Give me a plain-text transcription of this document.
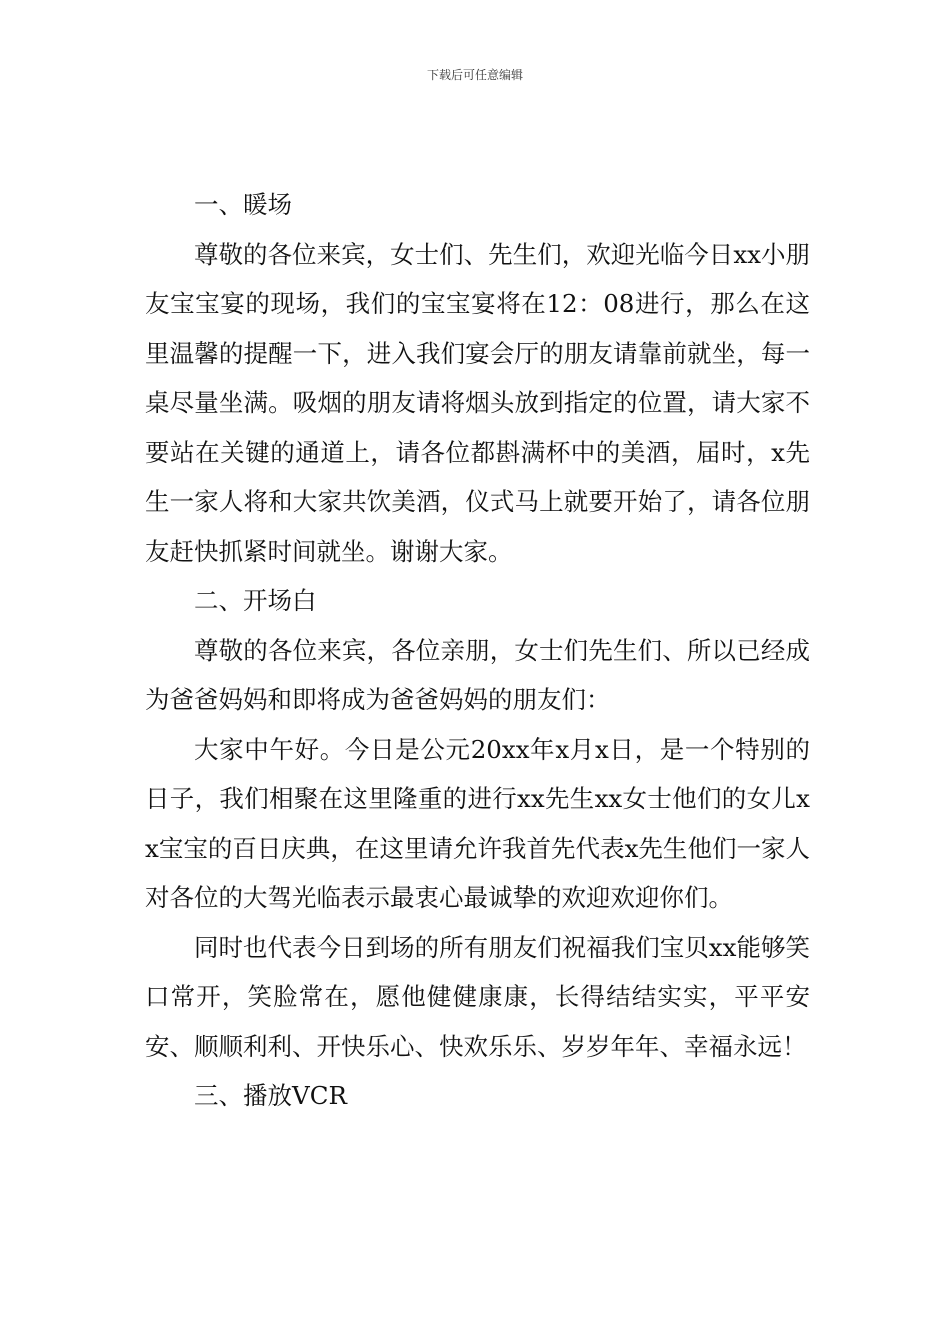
下载后可任意编辑

一、暖场

尊敬的各位来宾，女士们、先生们，欢迎光临今日xx小朋友宝宝宴的现场，我们的宝宝宴将在12：08进行，那么在这里温馨的提醒一下，进入我们宴会厅的朋友请靠前就坐，每一桌尽量坐满。吸烟的朋友请将烟头放到指定的位置，请大家不要站在关键的通道上，请各位都斟满杯中的美酒，届时，x先生一家人将和大家共饮美酒，仪式马上就要开始了，请各位朋友赶快抓紧时间就坐。谢谢大家。

二、开场白

尊敬的各位来宾，各位亲朋，女士们先生们、所以已经成为爸爸妈妈和即将成为爸爸妈妈的朋友们：

大家中午好。今日是公元20xx年x月x日，是一个特别的日子，我们相聚在这里隆重的进行xx先生xx女士他们的女儿xx宝宝的百日庆典，在这里请允许我首先代表x先生他们一家人对各位的大驾光临表示最衷心最诚挚的欢迎欢迎你们。

同时也代表今日到场的所有朋友们祝福我们宝贝xx能够笑口常开，笑脸常在，愿他健健康康，长得结结实实，平平安安、顺顺利利、开快乐心、快欢乐乐、岁岁年年、幸福永远！

三、播放VCR
